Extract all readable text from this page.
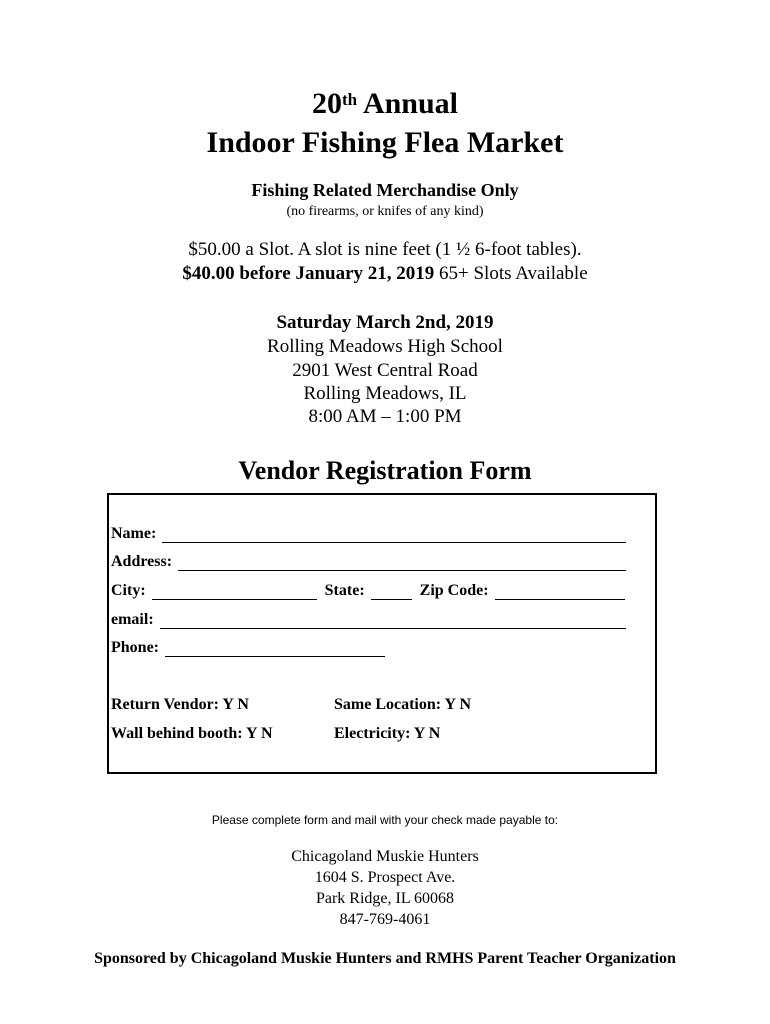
20th Annual
Indoor Fishing Flea Market
Fishing Related Merchandise Only
(no firearms, or knifes of any kind)
$50.00 a Slot. A slot is nine feet (1 ½ 6-foot tables).
$40.00 before January 21, 2019 65+ Slots Available
Saturday March 2nd, 2019
Rolling Meadows High School
2901 West Central Road
Rolling Meadows, IL
8:00 AM – 1:00 PM
Vendor Registration Form
Name:
Address:
City:	State:	Zip Code:
email:
Phone:
Return Vendor: Y N	Same Location: Y N
Wall behind booth: Y N	Electricity: Y N
Please complete form and mail with your check made payable to:
Chicagoland Muskie Hunters
1604 S. Prospect Ave.
Park Ridge, IL 60068
847-769-4061
Sponsored by Chicagoland Muskie Hunters and RMHS Parent Teacher Organization
